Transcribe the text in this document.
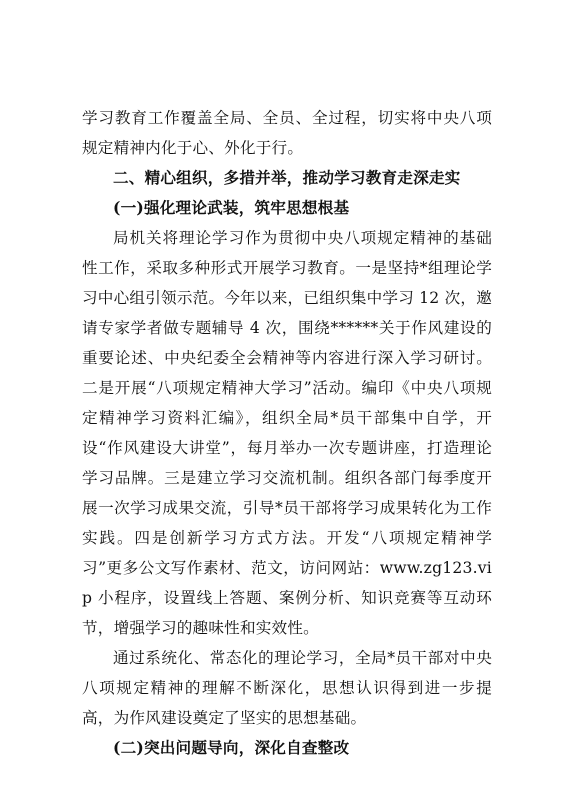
学习教育工作覆盖全局、全员、全过程，切实将中央八项规定精神内化于心、外化于行。

二、精心组织，多措并举，推动学习教育走深走实

(一)强化理论武装，筑牢思想根基

局机关将理论学习作为贯彻中央八项规定精神的基础性工作，采取多种形式开展学习教育。一是坚持*组理论学习中心组引领示范。今年以来，已组织集中学习 12 次，邀请专家学者做专题辅导 4 次，围绕******关于作风建设的重要论述、中央纪委全会精神等内容进行深入学习研讨。二是开展“八项规定精神大学习”活动。编印《中央八项规定精神学习资料汇编》，组织全局*员干部集中自学，开设“作风建设大讲堂”，每月举办一次专题讲座，打造理论学习品牌。三是建立学习交流机制。组织各部门每季度开展一次学习成果交流，引导*员干部将学习成果转化为工作实践。四是创新学习方式方法。开发“八项规定精神学习”更多公文写作素材、范文，访问网站：www.zg123.vip 小程序，设置线上答题、案例分析、知识竞赛等互动环节，增强学习的趣味性和实效性。

通过系统化、常态化的理论学习，全局*员干部对中央八项规定精神的理解不断深化，思想认识得到进一步提高，为作风建设奠定了坚实的思想基础。

(二)突出问题导向，深化自查整改
